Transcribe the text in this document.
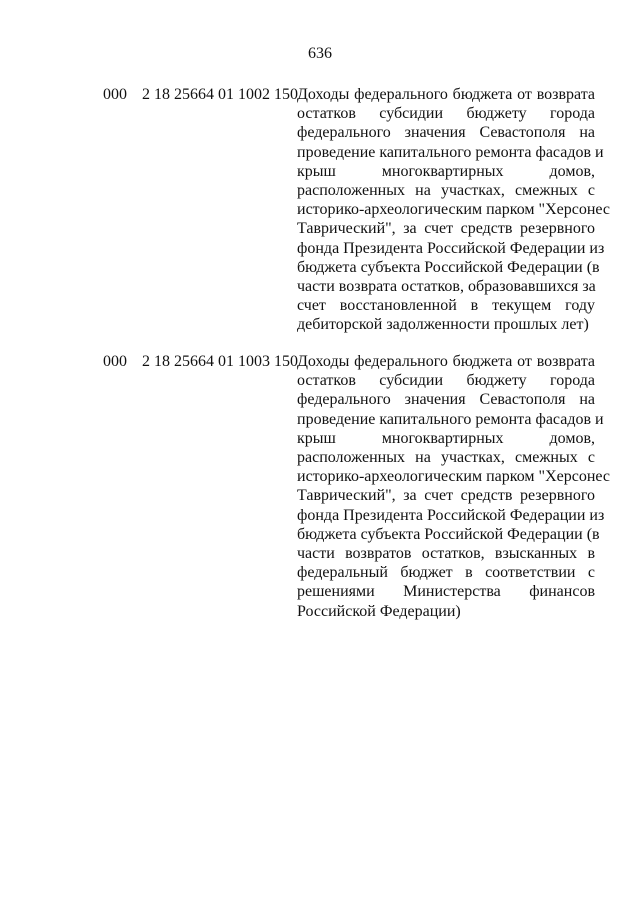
636
000 2 18 25664 01 1002 150 Доходы федерального бюджета от возврата
остатков субсидии бюджету города
федерального значения Севастополя на
проведение капитального ремонта фасадов и
крыш многоквартирных домов,
расположенных на участках, смежных с
историко-археологическим парком "Херсонес
Таврический", за счет средств резервного
фонда Президента Российской Федерации из
бюджета субъекта Российской Федерации (в
части возврата остатков, образовавшихся за
счет восстановленной в текущем году
дебиторской задолженности прошлых лет)
000 2 18 25664 01 1003 150 Доходы федерального бюджета от возврата
остатков субсидии бюджету города
федерального значения Севастополя на
проведение капитального ремонта фасадов и
крыш многоквартирных домов,
расположенных на участках, смежных с
историко-археологическим парком "Херсонес
Таврический", за счет средств резервного
фонда Президента Российской Федерации из
бюджета субъекта Российской Федерации (в
части возвратов остатков, взысканных в
федеральный бюджет в соответствии с
решениями Министерства финансов
Российской Федерации)
